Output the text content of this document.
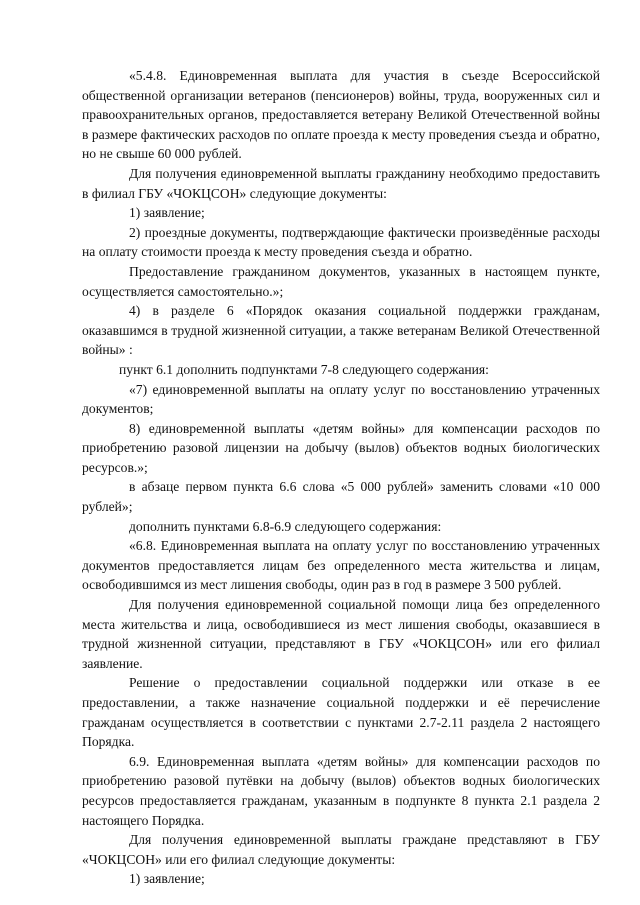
«5.4.8. Единовременная выплата для участия в съезде Всероссийской общественной организации ветеранов (пенсионеров) войны, труда, вооруженных сил и правоохранительных органов, предоставляется ветерану Великой Отечественной войны в размере фактических расходов по оплате проезда к месту проведения съезда и обратно, но не свыше 60 000 рублей.

Для получения единовременной выплаты гражданину необходимо предоставить в филиал ГБУ «ЧОКЦСОН» следующие документы:

1) заявление;

2) проездные документы, подтверждающие фактически произведённые расходы на оплату стоимости проезда к месту проведения съезда и обратно.

Предоставление гражданином документов, указанных в настоящем пункте, осуществляется самостоятельно.»;

4) в разделе 6 «Порядок оказания социальной поддержки гражданам, оказавшимся в трудной жизненной ситуации, а также ветеранам Великой Отечественной войны» :

пункт 6.1 дополнить подпунктами 7-8 следующего содержания:

«7) единовременной выплаты на оплату услуг по восстановлению утраченных документов;

8) единовременной выплаты «детям войны» для компенсации расходов по приобретению разовой лицензии на добычу (вылов) объектов водных биологических ресурсов.»;

в абзаце первом пункта 6.6 слова «5 000 рублей» заменить словами «10 000 рублей»;

дополнить пунктами 6.8-6.9 следующего содержания:

«6.8. Единовременная выплата на оплату услуг по восстановлению утраченных документов предоставляется лицам без определенного места жительства и лицам, освободившимся из мест лишения свободы, один раз в год в размере 3 500 рублей.

Для получения единовременной социальной помощи лица без определенного места жительства и лица, освободившиеся из мест лишения свободы, оказавшиеся в трудной жизненной ситуации, представляют в ГБУ «ЧОКЦСОН» или его филиал заявление.

Решение о предоставлении социальной поддержки или отказе в ее предоставлении, а также назначение социальной поддержки и её перечисление гражданам осуществляется в соответствии с пунктами 2.7-2.11 раздела 2 настоящего Порядка.

6.9. Единовременная выплата «детям войны» для компенсации расходов по приобретению разовой путёвки на добычу (вылов) объектов водных биологических ресурсов предоставляется гражданам, указанным в подпункте 8 пункта 2.1 раздела 2 настоящего Порядка.

Для получения единовременной выплаты граждане представляют в ГБУ «ЧОКЦСОН» или его филиал следующие документы:

1) заявление;
